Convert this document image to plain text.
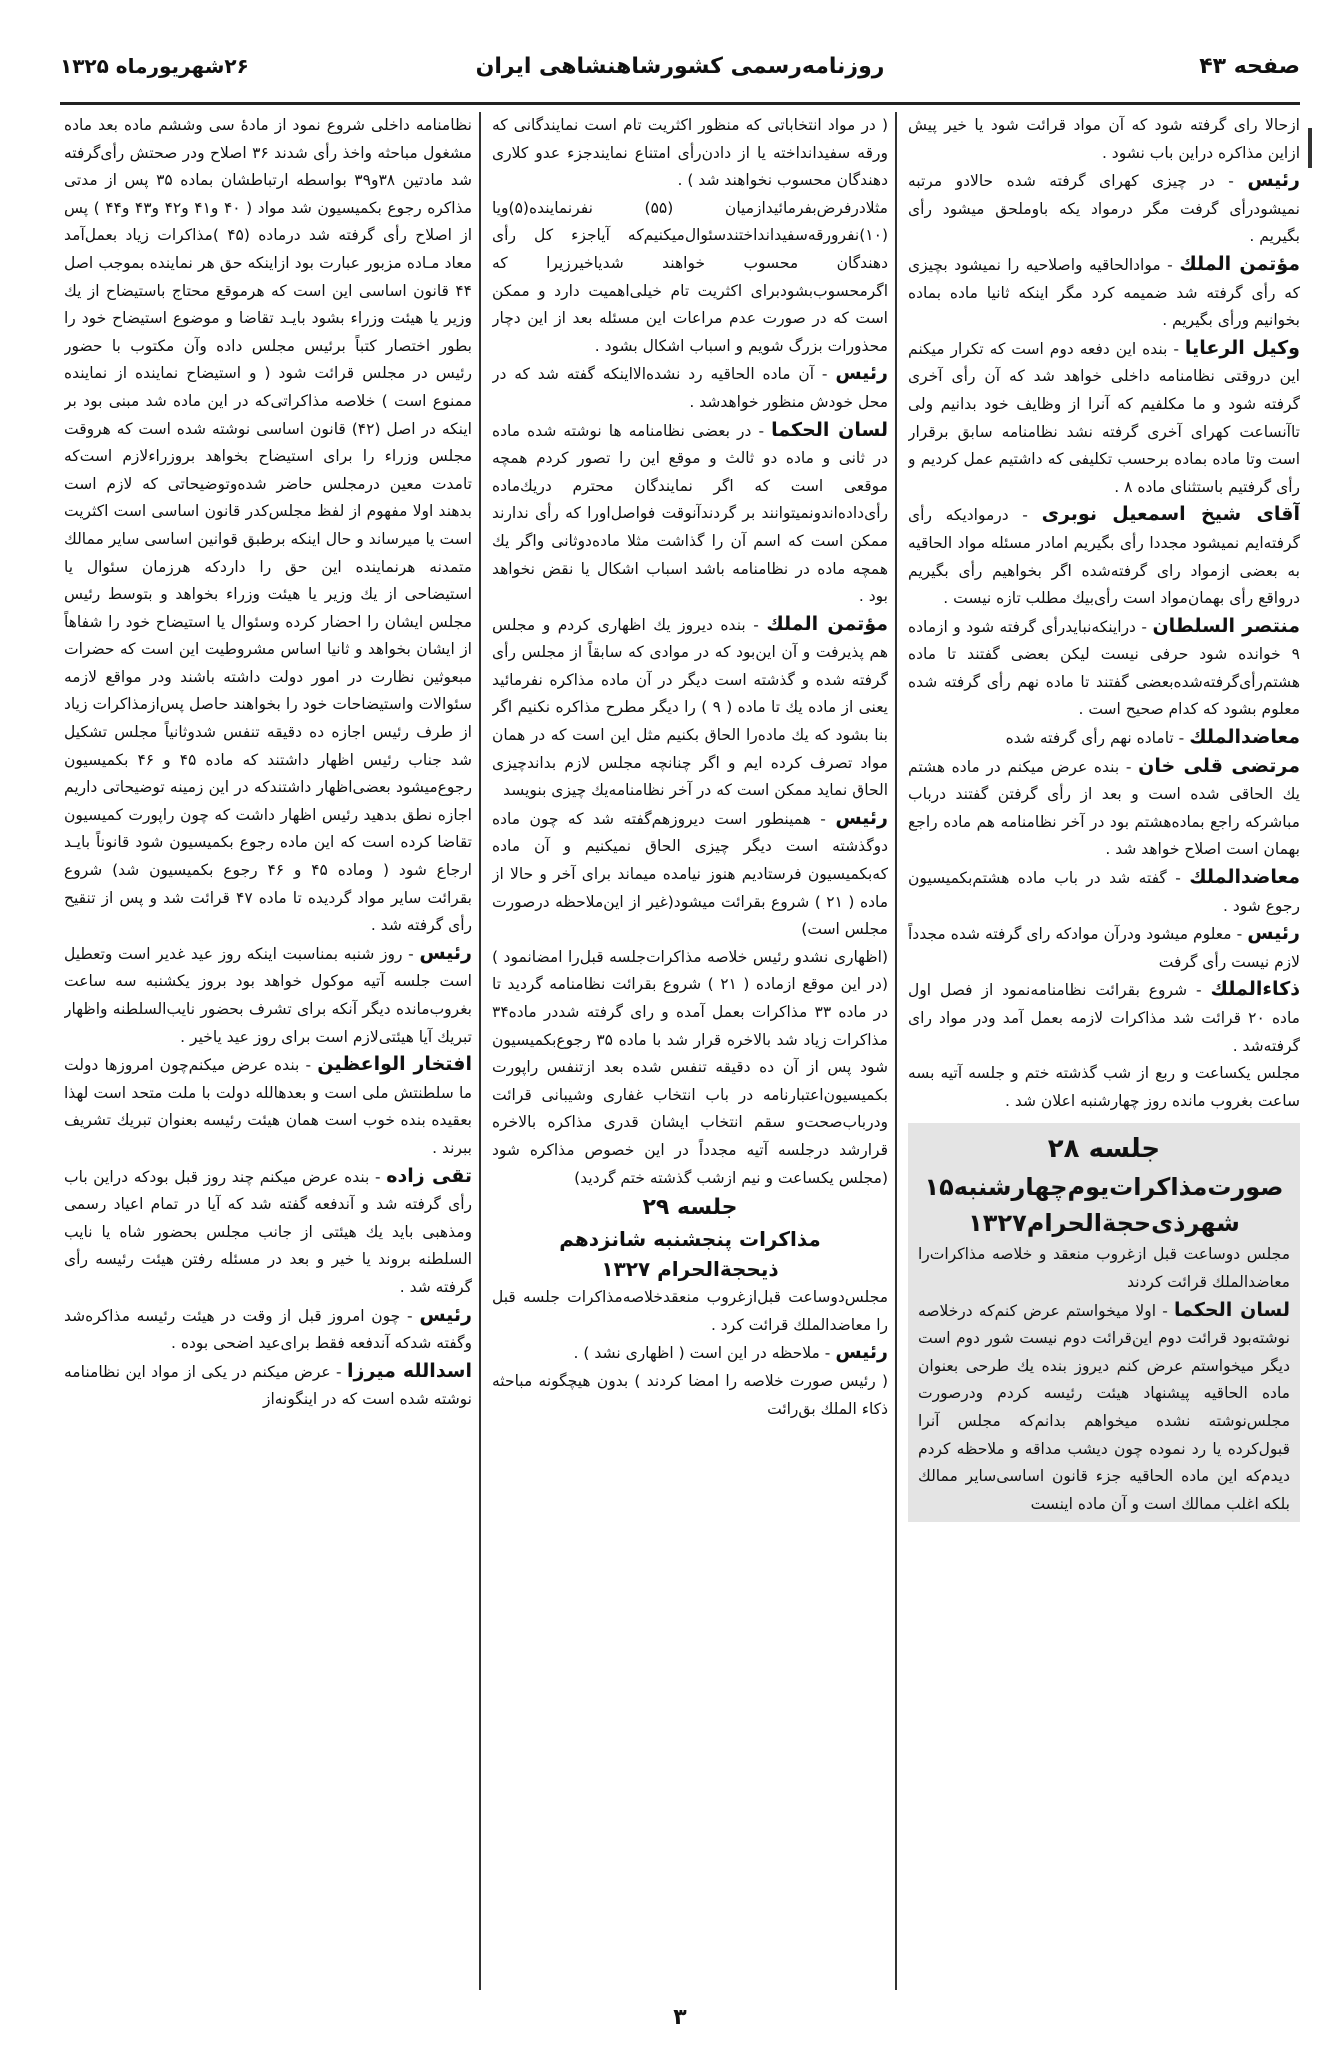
صفحه ۴۳
روزنامه‌رسمی کشورشاهنشاهی ایران
۲۶شهریورماه ۱۳۲۵

ازحالا رای گرفته شود که آن مواد قرائت شود یا خیر پیش ازاین مذاکره دراین باب نشود .

رئیس - در چیزی کهرای گرفته شده حالادو مرتبه نمیشودرأی گرفت مگر درمواد یکه باوملحق میشود رأی بگیریم .

مؤتمن الملك - موادالحاقیه واصلاحیه را نمیشود بچیزی که رأی گرفته شد ضمیمه کرد مگر اینکه ثانیا ماده بماده بخوانیم ورأی بگیریم .

وکیل الرعایا - بنده این دفعه دوم است که تکرار میکنم این دروقتی نظامنامه داخلی خواهد شد که آن رأی آخری گرفته شود و ما مکلفیم که آنرا از وظایف خود بدانیم ولی تاآنساعت کهرای آخری گرفته نشد نظامنامه سابق برقرار است وتا ماده بماده برحسب تکلیفی که داشتیم عمل کردیم و رأی گرفتیم باستثنای ماده ۸ .

آقای شیخ اسمعیل نوبری - درموادیکه رأی گرفته‌ایم نمیشود مجددا رأی بگیریم امادر مسئله مواد الحاقیه به بعضی ازمواد رای گرفته‌شده اگر بخواهیم رأی بگیریم درواقع رأی بهمان‌مواد است رأی‌بیك مطلب تازه نیست .

منتصر السلطان - دراینکه‌نبایدرأی گرفته شود و ازماده ۹ خوانده شود حرفی نیست لیکن بعضی گفتند تا ماده هشتم‌رأی‌گرفته‌شده‌بعضی گفتند تا ماده نهم رأی گرفته شده معلوم بشود که کدام صحیح است .

معاضدالملك - تاماده نهم رأی گرفته شده

مرتضی قلی خان - بنده عرض میکنم در ماده هشتم یك الحاقی شده است و بعد از رأی گرفتن گفتند درباب مباشرکه راجع بماده‌هشتم بود در آخر نظامنامه هم ماده راجع بهمان است اصلاح خواهد شد .

معاضدالملك - گفته شد در باب ماده هشتم‌بکمیسیون رجوع شود .

رئیس - معلوم میشود ودرآن موادکه رای گرفته شده مجدداً لازم نیست رأی گرفت

ذکاءالملك - شروع بقرائت نظامنامه‌نمود از فصل اول ماده ۲۰ قرائت شد مذاکرات لازمه بعمل آمد ودر مواد رای گرفته‌شد .

مجلس یکساعت و ربع از شب گذشته ختم و جلسه آتیه بسه ساعت بغروب مانده روز چهارشنبه اعلان شد .

جلسه ۲۸
صورت‌مذاکرات‌یوم‌چهارشنبه۱۵
شهرذی‌حجةالحرام۱۳۲۷

مجلس دوساعت قبل ازغروب منعقد و خلاصه مذاکرات‌را معاضدالملك قرائت کردند

لسان الحکما - اولا میخواستم عرض کنم‌که درخلاصه نوشته‌بود قرائت دوم این‌قرائت دوم نیست شور دوم است دیگر میخواستم عرض کنم دیروز بنده یك طرحی بعنوان ماده الحاقیه پیشنهاد هیئت رئیسه کردم ودرصورت مجلس‌نوشته نشده میخواهم بدانم‌که مجلس آنرا قبول‌کرده یا رد نموده چون دیشب مداقه و ملاحظه کردم دیدم‌که این ماده الحاقیه جزء قانون اساسی‌سایر ممالك بلکه اغلب ممالك است و آن ماده اینست

( در مواد انتخاباتی که منظور اکثریت تام است نمایندگانی که ورقه سفیدانداخته یا از دادن‌رأی امتناع نمایندجزء عدو کلاری دهندگان محسوب نخواهند شد ) .

مثلا‌درفرض‌بفرمائیدازمیان (۵۵) نفرنماینده‌(۵)ویا (۱۰)نفرورقه‌سفیدانداختند‌سئوال‌میکنیم‌که آیاجزء کل رأی دهندگان محسوب خواهند شدیاخیرزیرا که اگرمحسوب‌بشودبرای اکثریت تام خیلی‌اهمیت دارد و ممکن است که در صورت عدم مراعات این مسئله بعد از این دچار محذورات بزرگ شویم و اسباب اشکال بشود .

رئیس - آن ماده الحاقیه رد نشده‌الااینکه گفته شد که در محل خودش منظور خواهدشد .

لسان الحکما - در بعضی نظامنامه ها نوشته شده ماده در ثانی و ماده دو ثالث و موقع این را تصور کردم همچه موقعی است که اگر نمایندگان محترم دریك‌ماده رأی‌داده‌اند‌ونمیتوانند بر گردند‌آنوقت فواصل‌اورا که رأی ندارند ممکن است که اسم آن را گذاشت مثلا ماده‌دوثانی واگر یك همچه ماده در نظامنامه باشد اسباب اشکال یا نقض نخواهد بود .

مؤتمن الملك - بنده دیروز یك اظهاری کردم و مجلس هم پذیرفت و آن این‌بود که در موادی که سابقاً از مجلس رأی گرفته شده و گذشته است دیگر در آن ماده مذاکره نفرمائید یعنی از ماده یك تا ماده ( ۹ ) را دیگر مطرح مذاکره نکنیم اگر بنا بشود که یك ماده‌را الحاق بکنیم مثل این است که در همان مواد تصرف کرده ایم و اگر چنانچه مجلس لازم بداند‌چیزی الحاق نماید ممکن است که در آخر نظامنامه‌یك چیزی بنویسد

رئیس - همینطور است دیروزهم‌گفته شد که چون ماده دوگذشته است دیگر چیزی الحاق نمیکنیم و آن ماده که‌بکمیسیون فرستادیم هنوز نیامده میماند برای آخر و حالا از ماده ( ۲۱ ) شروع بقرائت میشود(غیر از این‌ملاحظه درصورت مجلس است)

(اظهاری نشدو رئیس خلاصه مذاکرات‌جلسه قبل‌را امضانمود ) (در این موقع ازماده ( ۲۱ ) شروع بقرائت نظامنامه گردید تا در ماده ۳۳ مذاکرات بعمل آمده و رای گرفته شددر ماده۳۴ مذاکرات زیاد شد بالاخره قرار شد با ماده ۳۵ رجوع‌بکمیسیون شود پس از آن ده دقیقه تنفس شده بعد ازتنفس راپورت بکمیسیون‌اعتبارنامه در باب انتخاب غفاری وشیبانی قرائت ودرباب‌صحت‌و سقم انتخاب ایشان قدری مذاکره ‌بالاخره قرارشد درجلسه آتیه مجدداً در این خصوص مذاکره شود (مجلس یکساعت و نیم ازشب گذشته ختم گردید)

جلسه ۲۹
مذاکرات پنجشنبه شانزدهم
ذیحجة‌الحرام ۱۳۲۷

مجلس‌دوساعت قبل‌ازغروب منعقدخلاصه‌مذاکرات جلسه قبل را معاضدالملك قرائت کرد .

رئیس - ملاحظه در این است ( اظهاری نشد ) .

( رئیس صورت خلاصه را امضا کردند ) بدون هیچگونه مباحثه ذکاء الملك بق‌رائت

نظامنامه داخلی شروع نمود از مادهٔ سی وششم ماده بعد ماده مشغول مباحثه واخذ رأی شدند ۳۶ اصلاح ودر صحتش رأی‌گرفته شد مادتین ۳۸و۳۹ بواسطه ارتباطشان بماده ۳۵ پس از مدتی مذاکره رجوع بکمیسیون شد مواد ( ۴۰ و۴۱ و۴۲ و۴۳ و۴۴ ) پس از اصلاح رأی گرفته شد درماده (۴۵ )مذاکرات زیاد بعمل‌آمد معاد مـاده مزبور عبارت بود ازاینکه حق هر نماینده بموجب اصل ۴۴ قانون اساسی این است که هرموقع محتاج باستیضاح از یك وزیر یا هیئت وزراء بشود بایـد تقاضا و موضوع استیضاح خود را بطور اختصار کتباً برئیس مجلس داده وآن مکتوب با حضور رئیس در مجلس قرائت شود ( و استیضاح نماینده از نماینده ممنوع است ) خلاصه مذاکراتی‌که در این ماده شد مبنی بود بر اینکه در اصل (۴۲) قانون اساسی نوشته شده است که هروقت مجلس وزراء را برای استیضاح بخواهد بروزراءلازم است‌که تامدت معین درمجلس حاضر شده‌وتوضیحاتی که لازم است بدهند اولا مفهوم از لفظ مجلس‌کدر قانون اساسی است اکثریت است یا میرساند و حال اینکه برطبق قوانین اساسی سایر ممالك متمدنه هرنماینده این حق را داردکه هرزمان سئوال یا استیضاحی از یك وزیر یا هیئت وزراء بخواهد و بتوسط رئیس مجلس ایشان را احضار کرده وسئوال یا استیضاح خود را شفاهاً از ایشان بخواهد و ثانیا اساس مشروطیت این است که حضرات مبعوثین نظارت در امور دولت داشته باشند ودر مواقع لازمه سئوالات واستیضاحات خود را بخواهند حاصل پس‌ازمذاکرات زیاد از طرف رئیس اجازه ده دقیقه تنفس شدوثانیاً مجلس تشکیل شد جناب رئیس اظهار داشتند که ماده ۴۵ و ۴۶ بکمیسیون رجوع‌میشود بعضی‌اظهار داشتندکه در این زمینه توضیحاتی داریم اجازه نطق بدهید رئیس اظهار داشت که چون راپورت کمیسیون تقاضا کرده است که این ماده رجوع بکمیسیون شود قانوناً بایـد ارجاع شود ( وماده ۴۵ و ۴۶ رجوع بکمیسیون شد) شروع بقرائت سایر مواد گردیده تا ماده ۴۷ قرائت شد و پس از تنقیح رأی گرفته شد .

رئیس - روز شنبه بمناسبت اینکه روز عید غدیر است وتعطیل است جلسه آتیه موکول خواهد بود بروز یکشنبه سه ساعت بغروب‌مانده دیگر آنکه برای تشرف بحضور نایب‌السلطنه واظهار تبریك آیا هیئتی‌لازم است برای روز عید یاخیر .

افتخار الواعظین - بنده عرض میکنم‌چون امروزها دولت ما سلطنتش ملی است و بعدها‌لله دولت با ملت متحد است لهذا بعقیده بنده خوب است همان هیئت رئیسه بعنوان تبریك تشریف ببرند .

تقی زاده - بنده عرض میکنم چند روز قبل بودکه دراین باب رأی گرفته شد و آندفعه گفته شد که آیا در تمام اعیاد رسمی ومذهبی باید یك هیئتی از جانب مجلس بحضور شاه یا نایب السلطنه بروند یا خیر و بعد در مسئله رفتن هیئت رئیسه رأی گرفته شد .

رئیس - چون امروز قبل از وقت در هیئت رئیسه مذاکره‌شد وگفته شدکه آندفعه فقط برای‌عید اضحی بوده .

اسدالله میرزا - عرض میکنم در یکی از مواد این نظامنامه نوشته شده است که در اینگونه‌از

۳
